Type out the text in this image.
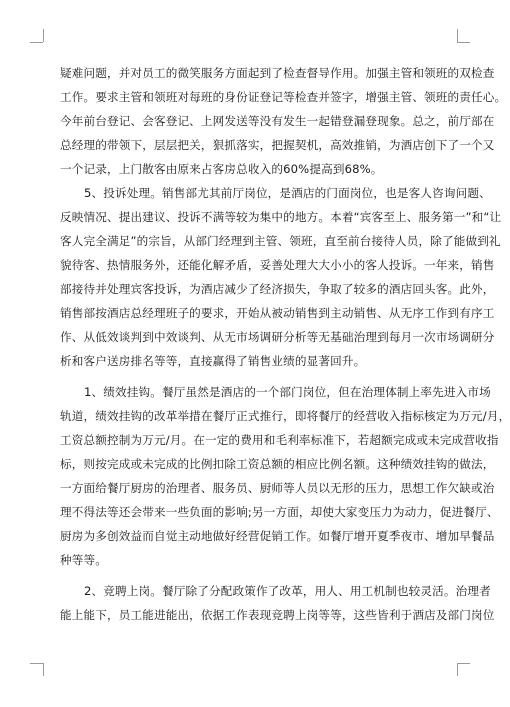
疑难问题，并对员工的微笑服务方面起到了检查督导作用。加强主管和领班的双检查
工作。要求主管和领班对每班的身份证登记等检查并签字，增强主管、领班的责任心。
今年前台登记、会客登记、上网发送等没有发生一起错登漏登现象。总之，前厅部在
总经理的带领下，层层把关，狠抓落实，把握契机，高效推销，为酒店创下了一个又
一个记录，上门散客由原来占客房总收入的60%提高到68%。
5、投诉处理。销售部尤其前厅岗位，是酒店的门面岗位，也是客人咨询问题、
反映情况、提出建议、投诉不满等较为集中的地方。本着“宾客至上、服务第一”和“让
客人完全满足”的宗旨，从部门经理到主管、领班，直至前台接待人员，除了能做到礼
貌待客、热情服务外，还能化解矛盾，妥善处理大大小小的客人投诉。一年来，销售
部接待并处理宾客投诉，为酒店减少了经济损失，争取了较多的酒店回头客。此外，
销售部按酒店总经理班子的要求，开始从被动销售到主动销售、从无序工作到有序工
作、从低效谈判到中效谈判、从无市场调研分析等无基础治理到每月一次市场调研分
析和客户送房排名等等，直接赢得了销售业绩的显著回升。
1、绩效挂钩。餐厅虽然是酒店的一个部门岗位，但在治理体制上率先进入市场
轨道，绩效挂钩的改革举措在餐厅正式推行，即将餐厅的经营收入指标核定为万元/月，
工资总额控制为万元/月。在一定的费用和毛利率标准下，若超额完成或未完成营收指
标，则按完成或未完成的比例扣除工资总额的相应比例名额。这种绩效挂钩的做法，
一方面给餐厅厨房的治理者、服务员、厨师等人员以无形的压力，思想工作欠缺或治
理不得法等还会带来一些负面的影响;另一方面，却使大家变压力为动力，促进餐厅、
厨房为多创效益而自觉主动地做好经营促销工作。如餐厅增开夏季夜市、增加早餐品
种等等。
2、竞聘上岗。餐厅除了分配政策作了改革，用人、用工机制也较灵活。治理者
能上能下，员工能进能出，依据工作表现竞聘上岗等等，这些皆利于酒店及部门岗位
